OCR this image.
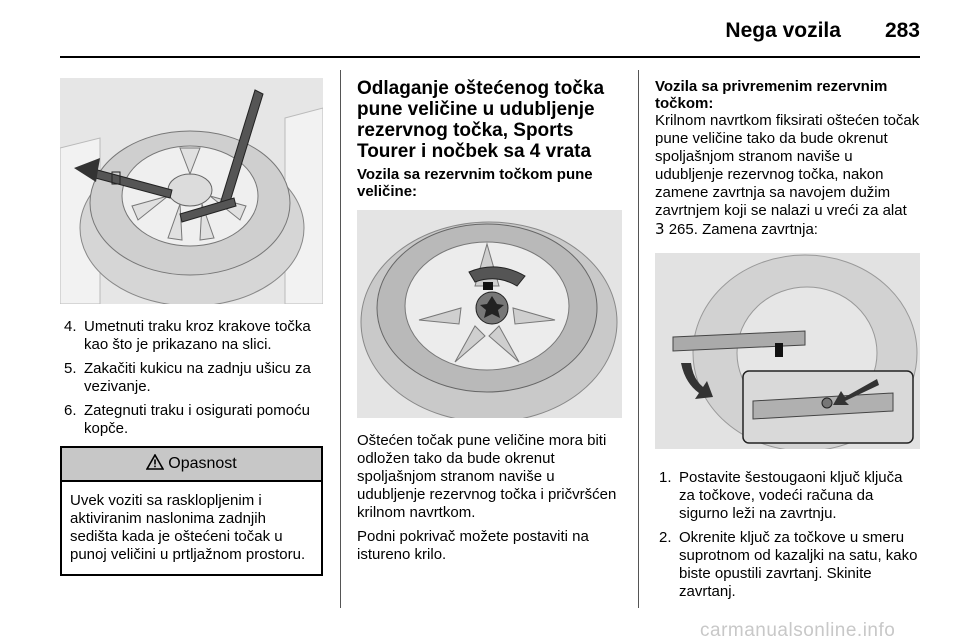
Nega vozila 283
4. Umetnuti traku kroz krakove točka kao što je prikazano na slici.
5. Zakačiti kukicu na zadnju ušicu za vezivanje.
6. Zategnuti traku i osigurati pomoću kopče.
Opasnost
Uvek voziti sa rasklopljenim i aktiviranim naslonima zadnjih sedišta kada je oštećeni točak u punoj veličini u prtljažnom prostoru.
Odlaganje oštećenog točka pune veličine u udubljenje rezervnog točka, Sports Tourer i nočbek sa 4 vrata
Vozila sa rezervnim točkom pune veličine:

Oštećen točak pune veličine mora biti odložen tako da bude okrenut spoljašnjom stranom naviše u udubljenje rezervnog točka i pričvršćen krilnom navrtkom.

Podni pokrivač možete postaviti na istureno krilo.

Vozila sa privremenim rezervnim točkom:

Krilnom navrtkom fiksirati oštećen točak pune veličine tako da bude okrenut spoljašnjom stranom naviše u udubljenje rezervnog točka, nakon zamene zavrtnja sa navojem dužim zavrtnjem koji se nalazi u vreći za alat 3 265. Zamena zavrtnja:

1. Postavite šestougaoni ključ ključa za točkove, vodeći računa da sigurno leži na zavrtnju.
2. Okrenite ključ za točkove u smeru suprotnom od kazaljki na satu, kako biste opustili zavrtanj. Skinite zavrtanj.
carmanualsonline.info
